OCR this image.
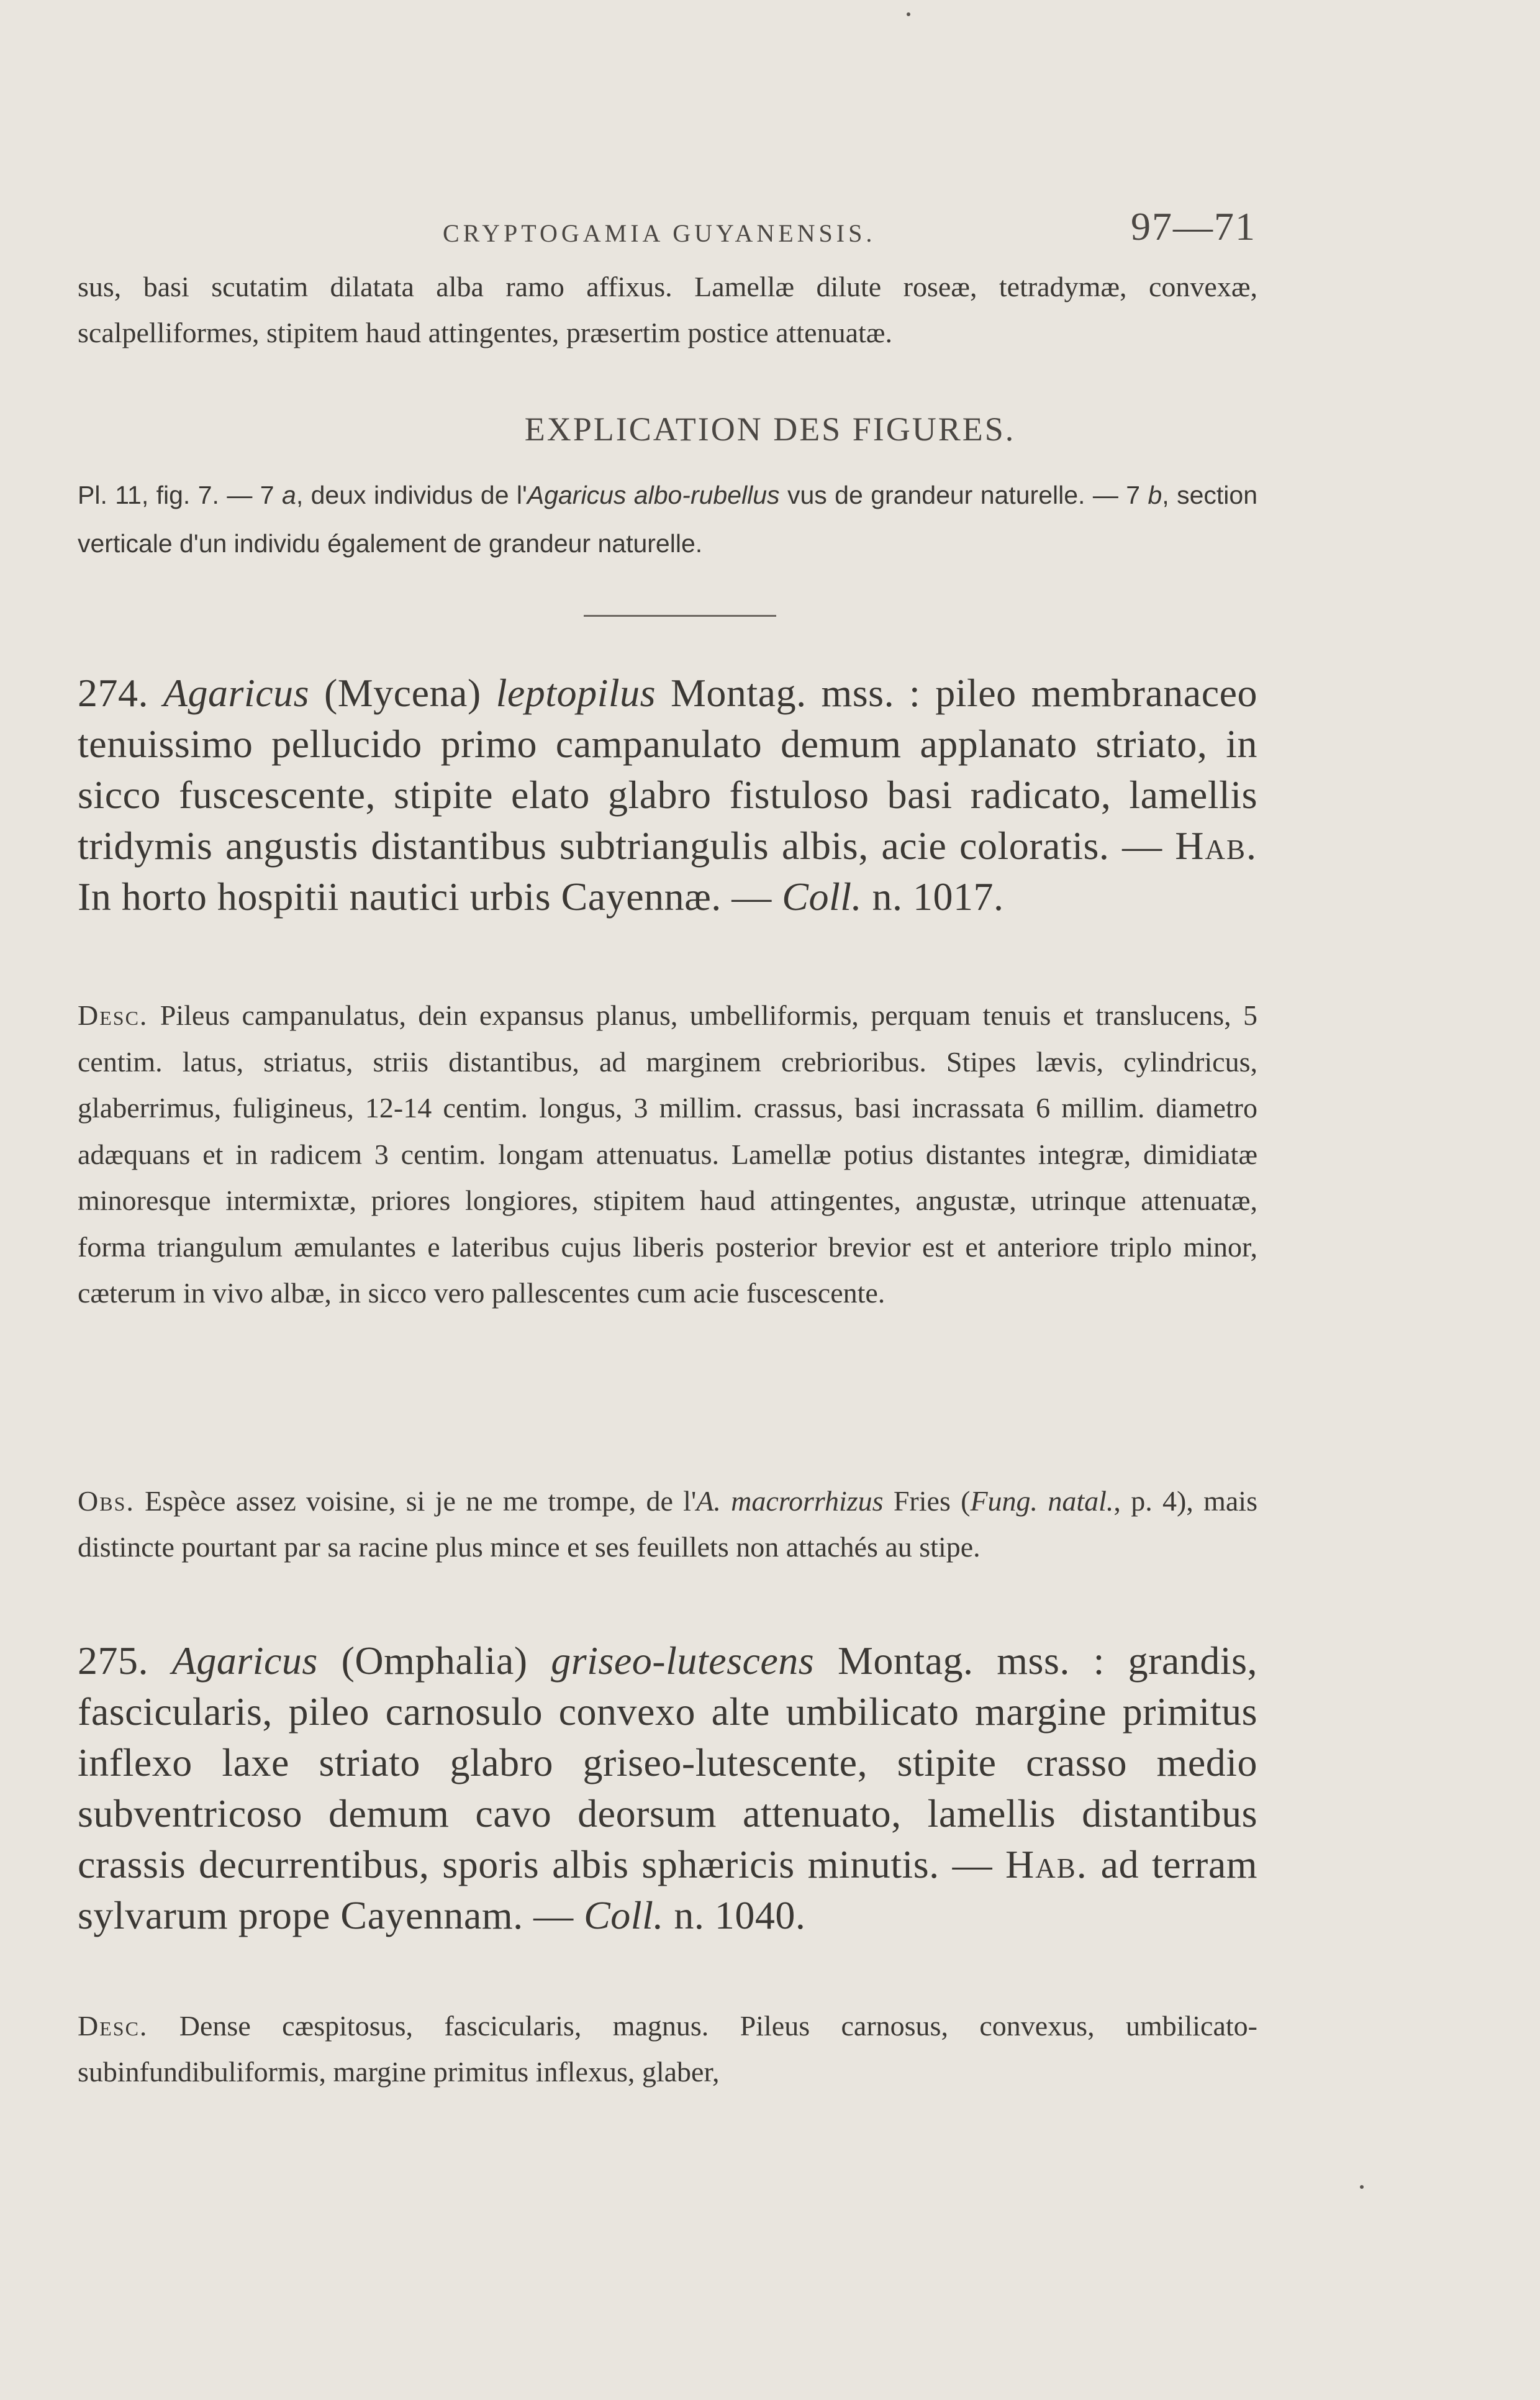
CRYPTOGAMIA GUYANENSIS.	97—71

sus, basi scutatim dilatata alba ramo affixus. Lamellæ dilute roseæ, tetradymæ, convexæ, scalpelliformes, stipitem haud attingentes, præsertim postice attenuatæ.

EXPLICATION DES FIGURES.

Pl. 11, fig. 7. — 7 a, deux individus de l'Agaricus albo-rubellus vus de grandeur naturelle. — 7 b, section verticale d'un individu également de grandeur naturelle.

274. Agaricus (Mycena) leptopilus Montag. mss. : pileo membranaceo tenuissimo pellucido primo campanulato demum applanato striato, in sicco fuscescente, stipite elato glabro fistuloso basi radicato, lamellis tridymis angustis distantibus subtriangulis albis, acie coloratis. — Hab. In horto hospitii nautici urbis Cayennæ. — Coll. n. 1017.

Desc. Pileus campanulatus, dein expansus planus, umbelliformis, perquam tenuis et translucens, 5 centim. latus, striatus, striis distantibus, ad marginem crebrioribus. Stipes lævis, cylindricus, glaberrimus, fuligineus, 12-14 centim. longus, 3 millim. crassus, basi incrassata 6 millim. diametro adæquans et in radicem 3 centim. longam attenuatus. Lamellæ potius distantes integræ, dimidiatæ minoresque intermixtæ, priores longiores, stipitem haud attingentes, angustæ, utrinque attenuatæ, forma triangulum æmulantes e lateribus cujus liberis posterior brevior est et anteriore triplo minor, cæterum in vivo albæ, in sicco vero pallescentes cum acie fuscescente.

Obs. Espèce assez voisine, si je ne me trompe, de l'A. macrorrhizus Fries (Fung. natal., p. 4), mais distincte pourtant par sa racine plus mince et ses feuillets non attachés au stipe.

275. Agaricus (Omphalia) griseo-lutescens Montag. mss. : grandis, fascicularis, pileo carnosulo convexo alte umbilicato margine primitus inflexo laxe striato glabro griseo-lutescente, stipite crasso medio subventricoso demum cavo deorsum attenuato, lamellis distantibus crassis decurrentibus, sporis albis sphæricis minutis. — Hab. ad terram sylvarum prope Cayennam. — Coll. n. 1040.

Desc. Dense cæspitosus, fascicularis, magnus. Pileus carnosus, convexus, umbilicato-subinfundibuliformis, margine primitus inflexus, glaber,
